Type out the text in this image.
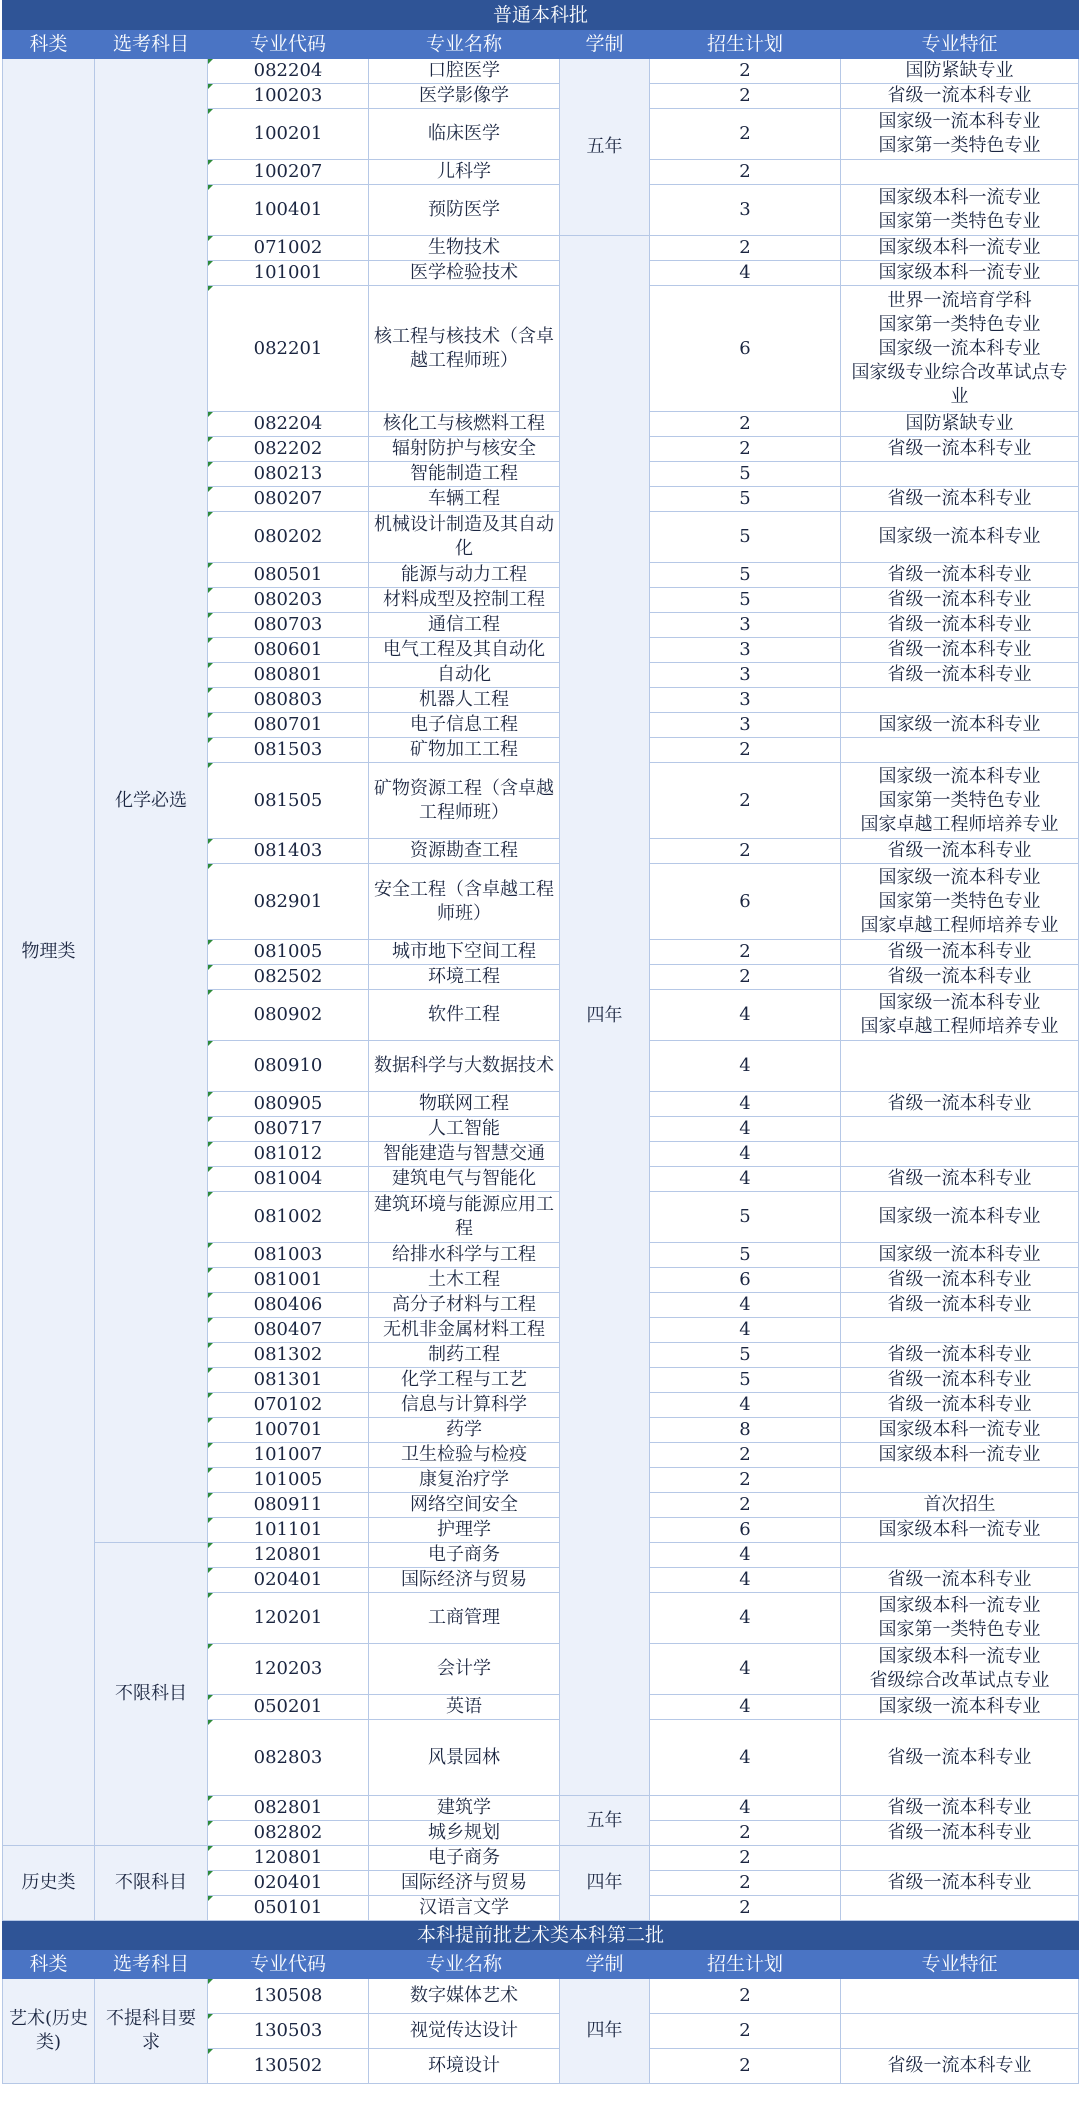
普通本科批						
科类	选考科目	专业代码	专业名称	学制	招生计划	专业特征
物理类	化学必选	082204	口腔医学	五年	2	国防紧缺专业
		100203	医学影像学		2	省级一流本科专业
		100201	临床医学		2	国家级一流本科专业
国家第一类特色专业
		100207	儿科学		2	
		100401	预防医学		3	国家级本科一流专业
国家第一类特色专业
		071002	生物技术	四年	2	国家级本科一流专业
		101001	医学检验技术		4	国家级本科一流专业
		082201	核工程与核技术（含卓越工程师班）		6	世界一流培育学科
国家第一类特色专业
国家级一流本科专业
国家级专业综合改革试点专业
		082204	核化工与核燃料工程		2	国防紧缺专业
		082202	辐射防护与核安全		2	省级一流本科专业
		080213	智能制造工程		5	
		080207	车辆工程		5	省级一流本科专业
		080202	机械设计制造及其自动化		5	国家级一流本科专业
		080501	能源与动力工程		5	省级一流本科专业
		080203	材料成型及控制工程		5	省级一流本科专业
		080703	通信工程		3	省级一流本科专业
		080601	电气工程及其自动化		3	省级一流本科专业
		080801	自动化		3	省级一流本科专业
		080803	机器人工程		3	
		080701	电子信息工程		3	国家级一流本科专业
		081503	矿物加工工程		2	
		081505	矿物资源工程（含卓越工程师班）		2	国家级一流本科专业
国家第一类特色专业
国家卓越工程师培养专业
		081403	资源勘查工程		2	省级一流本科专业
		082901	安全工程（含卓越工程师班）		6	国家级一流本科专业
国家第一类特色专业
国家卓越工程师培养专业
		081005	城市地下空间工程		2	省级一流本科专业
		082502	环境工程		2	省级一流本科专业
		080902	软件工程		4	国家级一流本科专业
国家卓越工程师培养专业
		080910	数据科学与大数据技术		4	
		080905	物联网工程		4	省级一流本科专业
		080717	人工智能		4	
		081012	智能建造与智慧交通		4	
		081004	建筑电气与智能化		4	省级一流本科专业
		081002	建筑环境与能源应用工程		5	国家级一流本科专业
		081003	给排水科学与工程		5	国家级一流本科专业
		081001	土木工程		6	省级一流本科专业
		080406	高分子材料与工程		4	省级一流本科专业
		080407	无机非金属材料工程		4	
		081302	制药工程		5	省级一流本科专业
		081301	化学工程与工艺		5	省级一流本科专业
		070102	信息与计算科学		4	省级一流本科专业
		100701	药学		8	国家级本科一流专业
		101007	卫生检验与检疫		2	国家级本科一流专业
		101005	康复治疗学		2	
		080911	网络空间安全		2	首次招生
		101101	护理学		6	国家级本科一流专业
	不限科目	120801	电子商务		4	
		020401	国际经济与贸易		4	省级一流本科专业
		120201	工商管理		4	国家级本科一流专业
国家第一类特色专业
		120203	会计学		4	国家级本科一流专业
省级综合改革试点专业
		050201	英语		4	国家级一流本科专业
		082803	风景园林		4	省级一流本科专业
		082801	建筑学	五年	4	省级一流本科专业
		082802	城乡规划		2	省级一流本科专业
历史类	不限科目	120801	电子商务	四年	2	
		020401	国际经济与贸易		2	省级一流本科专业
		050101	汉语言文学		2	
本科提前批艺术类本科第二批						
科类	选考科目	专业代码	专业名称	学制	招生计划	专业特征
艺术(历史类)	不提科目要求	130508	数字媒体艺术	四年	2	
		130503	视觉传达设计		2	
		130502	环境设计		2	省级一流本科专业
